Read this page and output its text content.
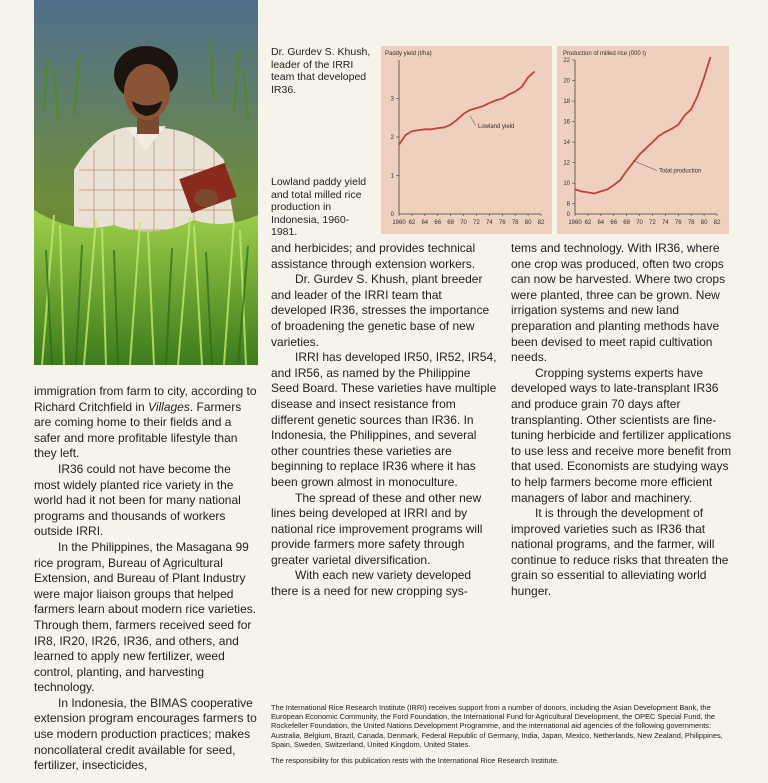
Dr. Gurdev S. Khush, leader of the IRRI team that developed IR36.
Lowland paddy yield and total milled rice production in Indonesia, 1960-1981.
Paddy yield (t/ha)
1
2
3
0
1960 62 64 66 68 70 72 74 76 78 80 82
Lowland yield
Production of milled rice (000 t)
8
10
12
14
16
18
20
22
0
1960 62 64 66 68 70 72 74 76 78 80 82
Total production

immigration from farm to city, according to Richard Critchfield in Villages. Farmers are coming home to their fields and a safer and more profitable lifestyle than they left.

IR36 could not have become the most widely planted rice variety in the world had it not been for many national programs and thousands of workers outside IRRI.

In the Philippines, the Masagana 99 rice program, Bureau of Agricultural Extension, and Bureau of Plant Industry were major liaison groups that helped farmers learn about modern rice varieties. Through them, farmers received seed for IR8, IR20, IR26, IR36, and others, and learned to apply new fertilizer, weed control, planting, and harvesting technology.

In Indonesia, the BIMAS cooperative extension program encourages farmers to use modern production practices; makes noncollateral credit available for seed, fertilizer, insecticides,

and herbicides; and provides technical assistance through extension workers.

Dr. Gurdev S. Khush, plant breeder and leader of the IRRI team that developed IR36, stresses the importance of broadening the genetic base of new varieties.

IRRI has developed IR50, IR52, IR54, and IR56, as named by the Philippine Seed Board. These varieties have multiple disease and insect resistance from different genetic sources than IR36. In Indonesia, the Philippines, and several other countries these varieties are beginning to replace IR36 where it has been grown almost in monoculture.

The spread of these and other new lines being developed at IRRI and by national rice improvement programs will provide farmers more safety through greater varietal diversification.

With each new variety developed there is a need for new cropping sys-

tems and technology. With IR36, where one crop was produced, often two crops can now be harvested. Where two crops were planted, three can be grown. New irrigation systems and new land preparation and planting methods have been devised to meet rapid cultivation needs.

Cropping systems experts have developed ways to late-transplant IR36 and produce grain 70 days after transplanting. Other scientists are fine-tuning herbicide and fertilizer applications to use less and receive more benefit from that used. Economists are studying ways to help farmers become more efficient managers of labor and machinery.

It is through the development of improved varieties such as IR36 that national programs, and the farmer, will continue to reduce risks that threaten the grain so essential to alleviating world hunger.

The International Rice Research Institute (IRRI) receives support from a number of donors, including the Asian Development Bank, the European Economic Community, the Ford Foundation, the International Fund for Agricultural Development, the OPEC Special Fund, the Rockefeller Foundation, the United Nations Development Programme, and the international aid agencies of the following governments: Australia, Belgium, Brazil, Canada, Denmark, Federal Republic of Germany, India, Japan, Mexico, Netherlands, New Zealand, Philippines, Spain, Sweden, Switzerland, United Kingdom, United States.

The responsibility for this publication rests with the International Rice Research Institute.
